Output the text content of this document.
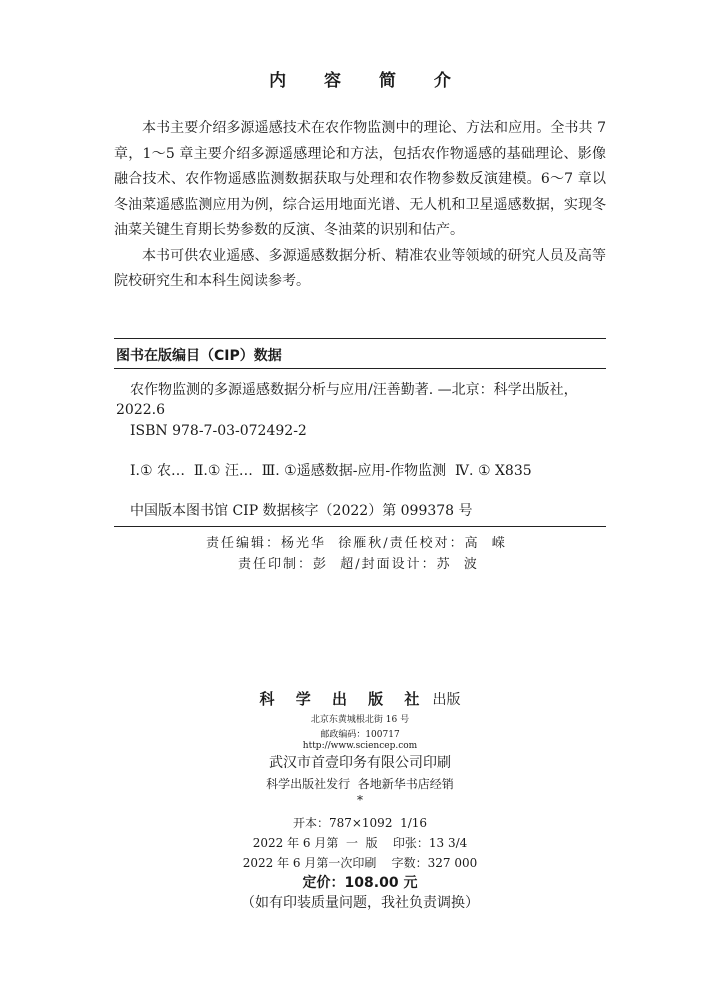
内 容 简 介

本书主要介绍多源遥感技术在农作物监测中的理论、方法和应用。全书共 7 章，1～5 章主要介绍多源遥感理论和方法，包括农作物遥感的基础理论、影像融合技术、农作物遥感监测数据获取与处理和农作物参数反演建模。6～7 章以冬油菜遥感监测应用为例，综合运用地面光谱、无人机和卫星遥感数据，实现冬油菜关键生育期长势参数的反演、冬油菜的识别和估产。

本书可供农业遥感、多源遥感数据分析、精准农业等领域的研究人员及高等院校研究生和本科生阅读参考。

图书在版编目（CIP）数据
农作物监测的多源遥感数据分析与应用/汪善勤著. —北京：科学出版社，2022.6
ISBN 978-7-03-072492-2
Ⅰ.① 农…  Ⅱ.① 汪…  Ⅲ. ①遥感数据-应用-作物监测  Ⅳ. ① X835
中国版本图书馆 CIP 数据核字（2022）第 099378 号
责任编辑：杨光华  徐雁秋/责任校对：高  嵘
责任印制：彭  超/封面设计：苏  波
科 学 出 版 社 出版
北京东黄城根北街 16 号
邮政编码：100717
http://www.sciencep.com
武汉市首壹印务有限公司印刷
科学出版社发行  各地新华书店经销
*
开本：787×1092  1/16
2022 年 6 月第  一  版    印张：13 3/4
2022 年 6 月第一次印刷    字数：327 000
定价：108.00 元
（如有印装质量问题，我社负责调换）
